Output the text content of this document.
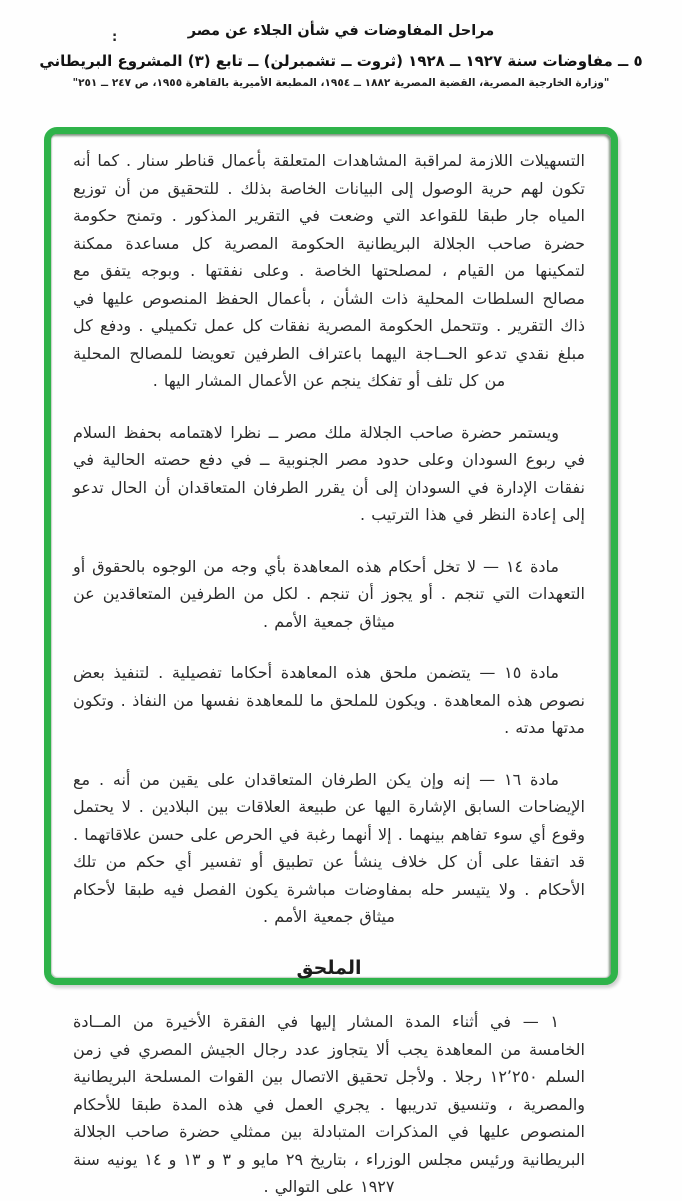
:	مراحل المفاوضات في شأن الجلاء عن مصر
٥ ــ مفاوضات سنة ١٩٢٧ ــ ١٩٢٨ (ثروت ــ تشمبرلن) ــ تابع (٣) المشروع البريطاني
"وزارة الخارجية المصرية، القضية المصرية ١٨٨٢ ــ ١٩٥٤، المطبعة الأميرية بالقاهرة ١٩٥٥، ص ٢٤٧ ــ ٢٥١"

التسهيلات اللازمة لمراقبة المشاهدات المتعلقة بأعمال قناطر سنار . كما أنه تكون لهم حرية الوصول إلى البيانات الخاصة بذلك . للتحقيق من أن توزيع المياه جار طبقا للقواعد التي وضعت في التقرير المذكور . وتمنح حكومة حضرة صاحب الجلالة البريطانية الحكومة المصرية كل مساعدة ممكنة لتمكينها من القيام ، لمصلحتها الخاصة . وعلى نفقتها . وبوجه يتفق مع مصالح السلطات المحلية ذات الشأن ، بأعمال الحفظ المنصوص عليها في ذاك التقرير . وتتحمل الحكومة المصرية نفقات كل عمل تكميلي . ودفع كل مبلغ نقدي تدعو الحــاجة اليهما باعتراف الطرفين تعويضا للمصالح المحلية من كل تلف أو تفكك ينجم عن الأعمال المشار اليها .

ويستمر حضرة صاحب الجلالة ملك مصر ــ نظرا لاهتمامه بحفظ السلام في ربوع السودان وعلى حدود مصر الجنوبية ــ في دفع حصته الحالية في نفقات الإدارة في السودان إلى أن يقرر الطرفان المتعاقدان أن الحال تدعو إلى إعادة النظر في هذا الترتيب .

مادة ١٤ — لا تخل أحكام هذه المعاهدة بأي وجه من الوجوه بالحقوق أو التعهدات التي تنجم . أو يجوز أن تنجم . لكل من الطرفين المتعاقدين عن ميثاق جمعية الأمم .

مادة ١٥ — يتضمن ملحق هذه المعاهدة أحكاما تفصيلية . لتنفيذ بعض نصوص هذه المعاهدة . ويكون للملحق ما للمعاهدة نفسها من النفاذ . وتكون مدتها مدته .

مادة ١٦ — إنه وإن يكن الطرفان المتعاقدان على يقين من أنه . مع الإيضاحات السابق الإشارة اليها عن طبيعة العلاقات بين البلادين . لا يحتمل وقوع أي سوء تفاهم بينهما . إلا أنهما رغبة في الحرص على حسن علاقاتهما . قد اتفقا على أن كل خلاف ينشأ عن تطبيق أو تفسير أي حكم من تلك الأحكام . ولا يتيسر حله بمفاوضات مباشرة يكون الفصل فيه طبقا لأحكام ميثاق جمعية الأمم .

الملحق

١ — في أثناء المدة المشار إليها في الفقرة الأخيرة من المــادة الخامسة من المعاهدة يجب ألا يتجاوز عدد رجال الجيش المصري في زمن السلم ١٢٬٢٥٠ رجلا . ولأجل تحقيق الاتصال بين القوات المسلحة البريطانية والمصرية ، وتنسيق تدريبها . يجري العمل في هذه المدة طبقا للأحكام المنصوص عليها في المذكرات المتبادلة بين ممثلي حضرة صاحب الجلالة البريطانية ورئيس مجلس الوزراء ، بتاريخ ٢٩ مايو و ٣ و ١٣ و ١٤ يونيه سنة ١٩٢٧ على التوالي .
